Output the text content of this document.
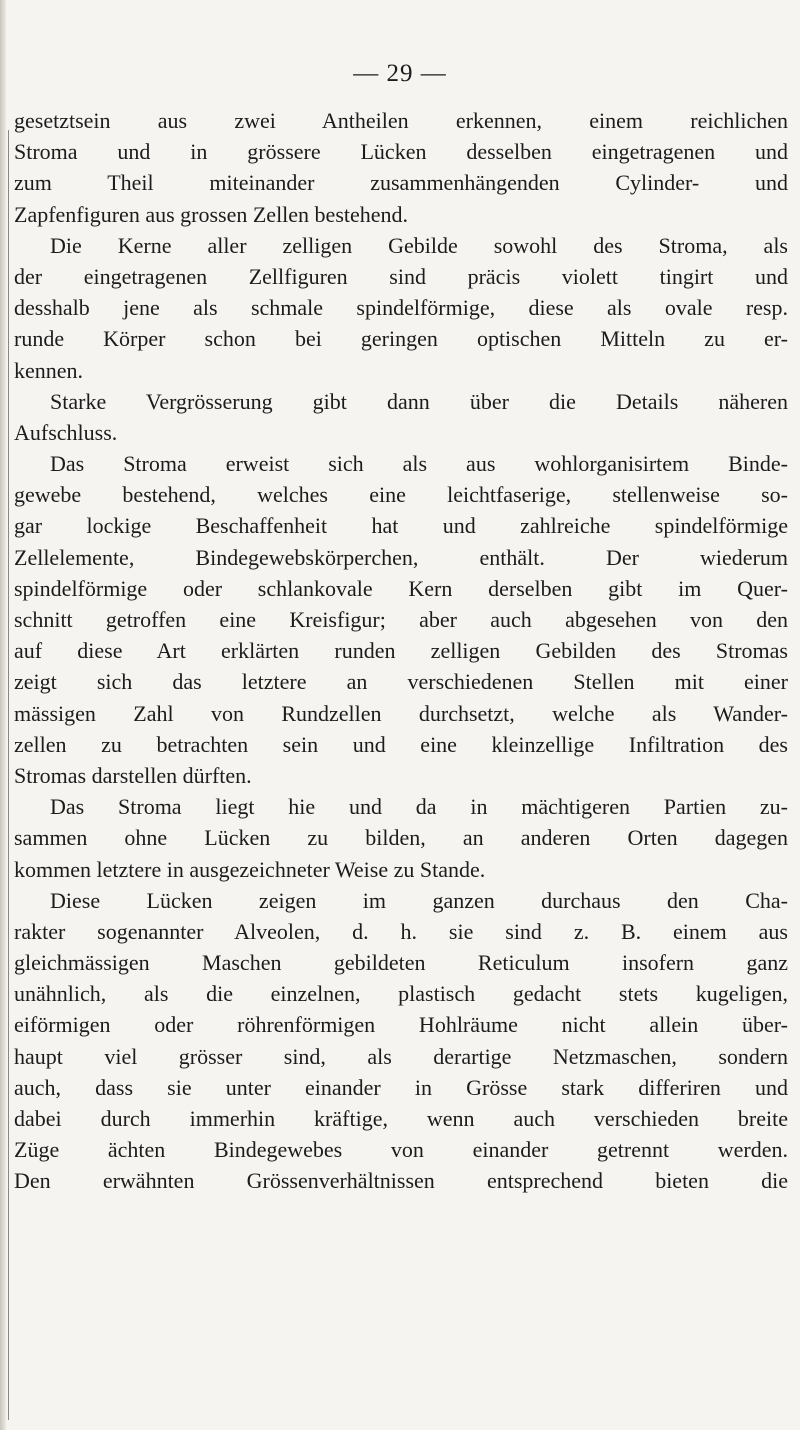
— 29 —
gesetztsein aus zwei Antheilen erkennen, einem reichlichen
Stroma und in grössere Lücken desselben eingetragenen und
zum Theil miteinander zusammenhängenden Cylinder- und
Zapfenfiguren aus grossen Zellen bestehend.
Die Kerne aller zelligen Gebilde sowohl des Stroma, als
der eingetragenen Zellfiguren sind präcis violett tingirt und
desshalb jene als schmale spindelförmige, diese als ovale resp.
runde Körper schon bei geringen optischen Mitteln zu er-
kennen.
Starke Vergrösserung gibt dann über die Details näheren
Aufschluss.
Das Stroma erweist sich als aus wohlorganisirtem Binde-
gewebe bestehend, welches eine leichtfaserige, stellenweise so-
gar lockige Beschaffenheit hat und zahlreiche spindelförmige
Zellelemente, Bindegewebskörperchen, enthält. Der wiederum
spindelförmige oder schlankovale Kern derselben gibt im Quer-
schnitt getroffen eine Kreisfigur; aber auch abgesehen von den
auf diese Art erklärten runden zelligen Gebilden des Stromas
zeigt sich das letztere an verschiedenen Stellen mit einer
mässigen Zahl von Rundzellen durchsetzt, welche als Wander-
zellen zu betrachten sein und eine kleinzellige Infiltration des
Stromas darstellen dürften.
Das Stroma liegt hie und da in mächtigeren Partien zu-
sammen ohne Lücken zu bilden, an anderen Orten dagegen
kommen letztere in ausgezeichneter Weise zu Stande.
Diese Lücken zeigen im ganzen durchaus den Cha-
rakter sogenannter Alveolen, d. h. sie sind z. B. einem aus
gleichmässigen Maschen gebildeten Reticulum insofern ganz
unähnlich, als die einzelnen, plastisch gedacht stets kugeligen,
eiförmigen oder röhrenförmigen Hohlräume nicht allein über-
haupt viel grösser sind, als derartige Netzmaschen, sondern
auch, dass sie unter einander in Grösse stark differiren und
dabei durch immerhin kräftige, wenn auch verschieden breite
Züge ächten Bindegewebes von einander getrennt werden.
Den erwähnten Grössenverhältnissen entsprechend bieten die
